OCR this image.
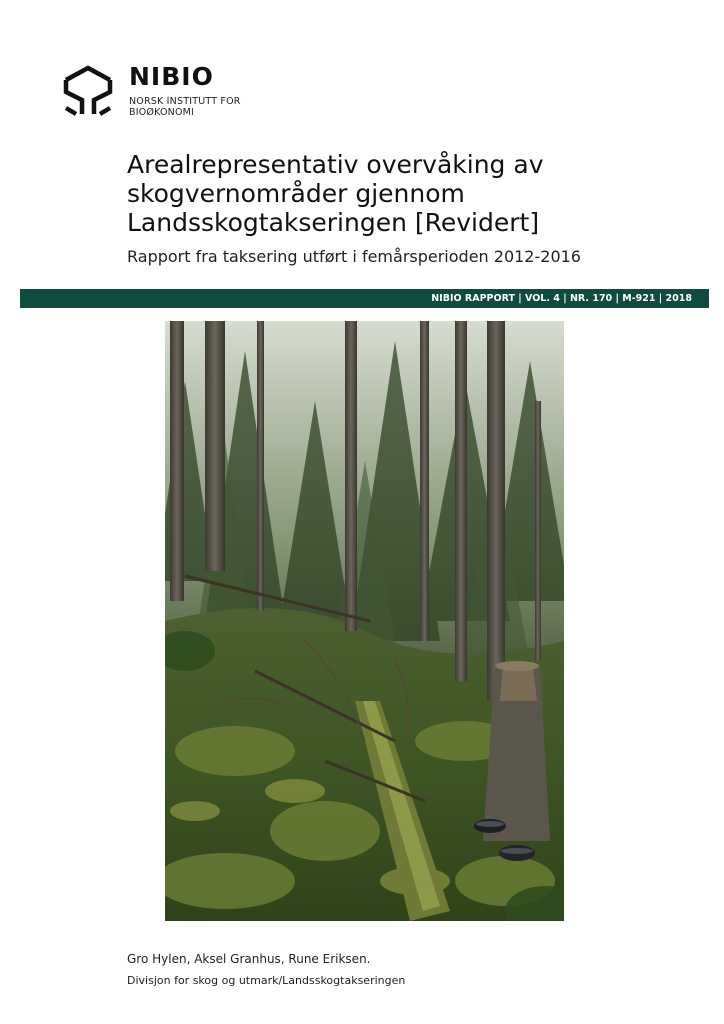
NIBIO
NORSK INSTITUTT FOR
BIOØKONOMI
Arealrepresentativ overvåking av
skogvernområder gjennom
Landsskogtakseringen [Revidert]
Rapport fra taksering utført i femårsperioden 2012-2016
NIBIO RAPPORT | VOL. 4 | NR. 170 | M-921 | 2018
Gro Hylen, Aksel Granhus, Rune Eriksen.
Divisjon for skog og utmark/Landsskogtakseringen
